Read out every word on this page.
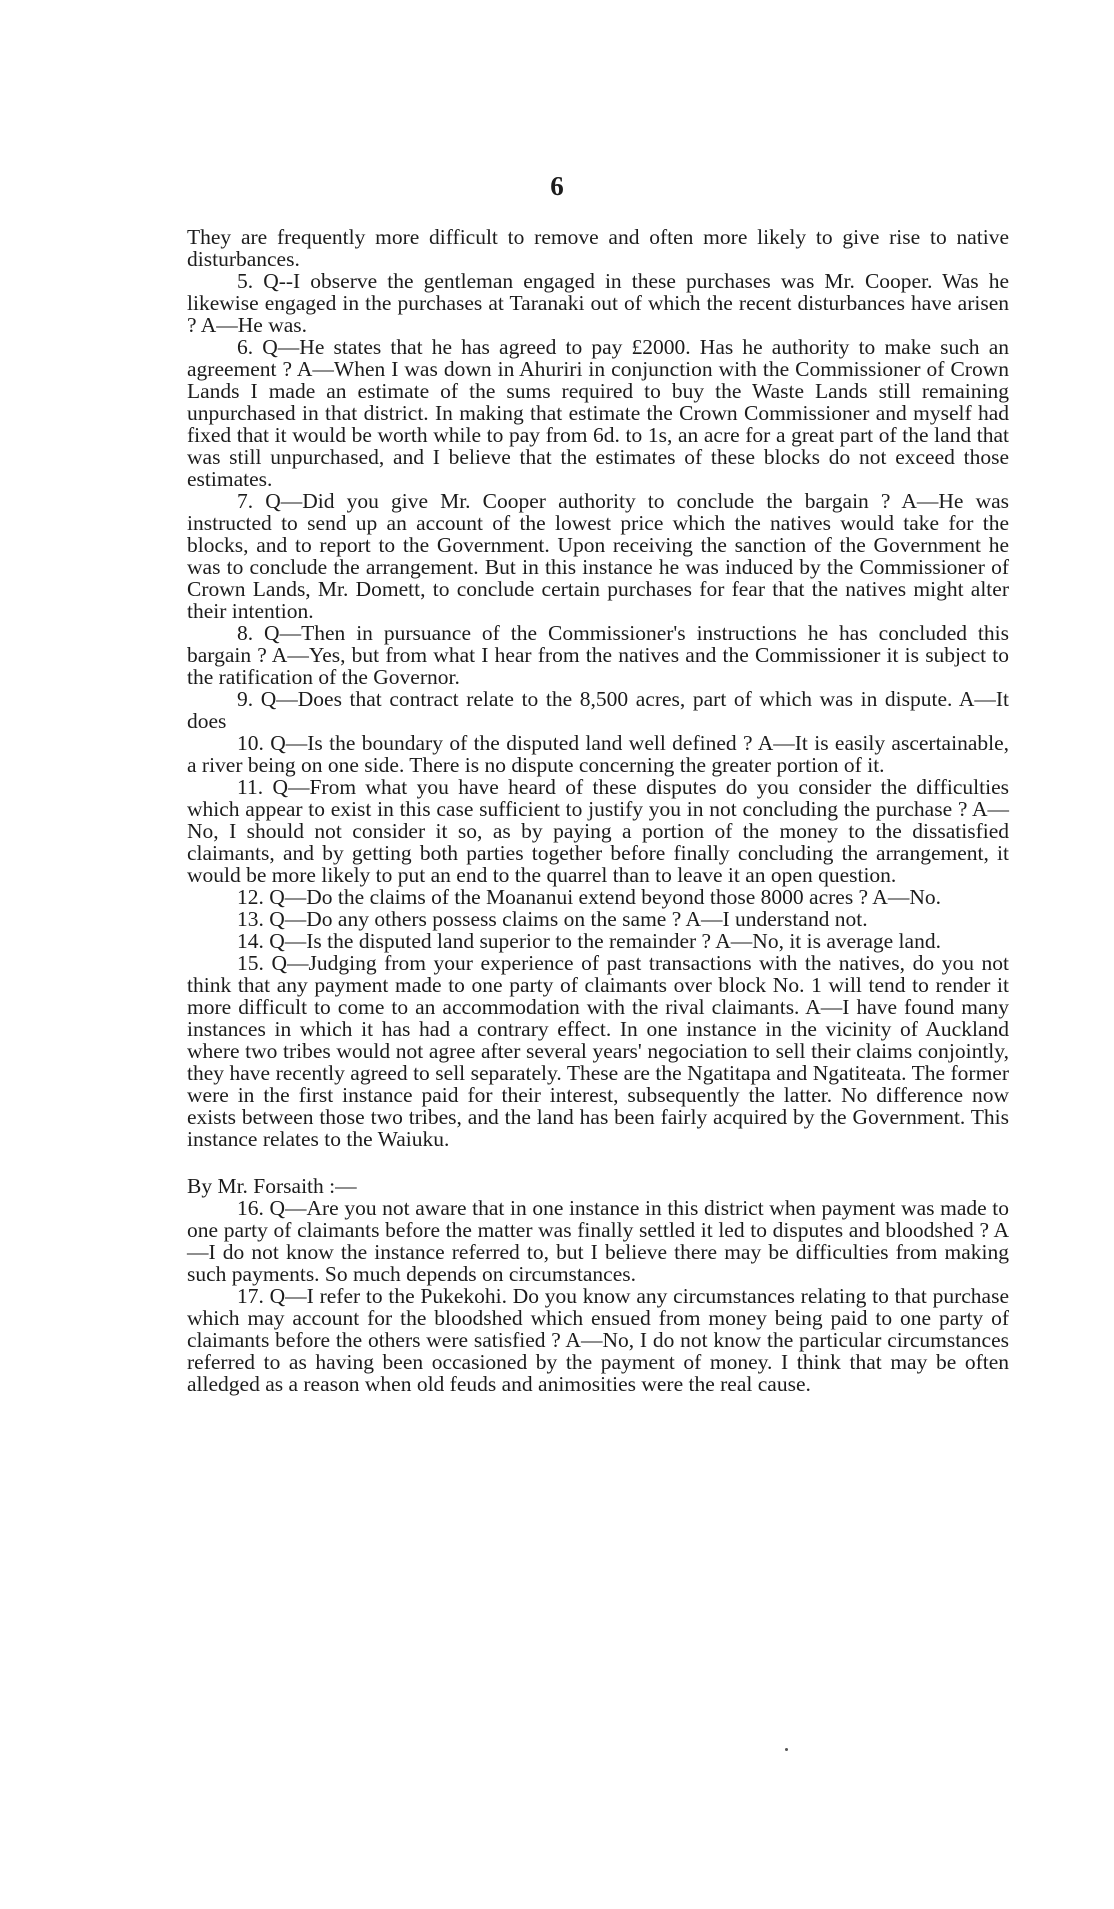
6

They are frequently more difficult to remove and often more likely to give rise to native disturbances.

5. Q--I observe the gentleman engaged in these purchases was Mr. Cooper. Was he likewise engaged in the purchases at Taranaki out of which the recent disturbances have arisen ? A—He was.

6. Q—He states that he has agreed to pay £2000. Has he authority to make such an agreement ? A—When I was down in Ahuriri in conjunction with the Commissioner of Crown Lands I made an estimate of the sums required to buy the Waste Lands still remaining unpurchased in that district. In making that estimate the Crown Commissioner and myself had fixed that it would be worth while to pay from 6d. to 1s, an acre for a great part of the land that was still unpurchased, and I believe that the estimates of these blocks do not exceed those estimates.

7. Q—Did you give Mr. Cooper authority to conclude the bargain ? A—He was instructed to send up an account of the lowest price which the natives would take for the blocks, and to report to the Government. Upon receiving the sanction of the Government he was to conclude the arrangement. But in this instance he was induced by the Commissioner of Crown Lands, Mr. Domett, to conclude certain purchases for fear that the natives might alter their intention.

8. Q—Then in pursuance of the Commissioner's instructions he has concluded this bargain ? A—Yes, but from what I hear from the natives and the Commissioner it is subject to the ratification of the Governor.

9. Q—Does that contract relate to the 8,500 acres, part of which was in dispute. A—It does

10. Q—Is the boundary of the disputed land well defined ? A—It is easily ascertainable, a river being on one side. There is no dispute concerning the greater portion of it.

11. Q—From what you have heard of these disputes do you consider the difficulties which appear to exist in this case sufficient to justify you in not concluding the purchase ? A—No, I should not consider it so, as by paying a portion of the money to the dissatisfied claimants, and by getting both parties together before finally concluding the arrangement, it would be more likely to put an end to the quarrel than to leave it an open question.

12. Q—Do the claims of the Moananui extend beyond those 8000 acres ? A—No.

13. Q—Do any others possess claims on the same ? A—I understand not.

14. Q—Is the disputed land superior to the remainder ? A—No, it is average land.

15. Q—Judging from your experience of past transactions with the natives, do you not think that any payment made to one party of claimants over block No. 1 will tend to render it more difficult to come to an accommodation with the rival claimants. A—I have found many instances in which it has had a contrary effect. In one instance in the vicinity of Auckland where two tribes would not agree after several years' negociation to sell their claims conjointly, they have recently agreed to sell separately. These are the Ngatitapa and Ngatiteata. The former were in the first instance paid for their interest, subsequently the latter. No difference now exists between those two tribes, and the land has been fairly acquired by the Government. This instance relates to the Waiuku.

By Mr. Forsaith :—

16. Q—Are you not aware that in one instance in this district when payment was made to one party of claimants before the matter was finally settled it led to disputes and bloodshed ? A—I do not know the instance referred to, but I believe there may be difficulties from making such payments. So much depends on circumstances.

17. Q—I refer to the Pukekohi. Do you know any circumstances relating to that purchase which may account for the bloodshed which ensued from money being paid to one party of claimants before the others were satisfied ? A—No, I do not know the particular circumstances referred to as having been occasioned by the payment of money. I think that may be often alledged as a reason when old feuds and animosities were the real cause.
